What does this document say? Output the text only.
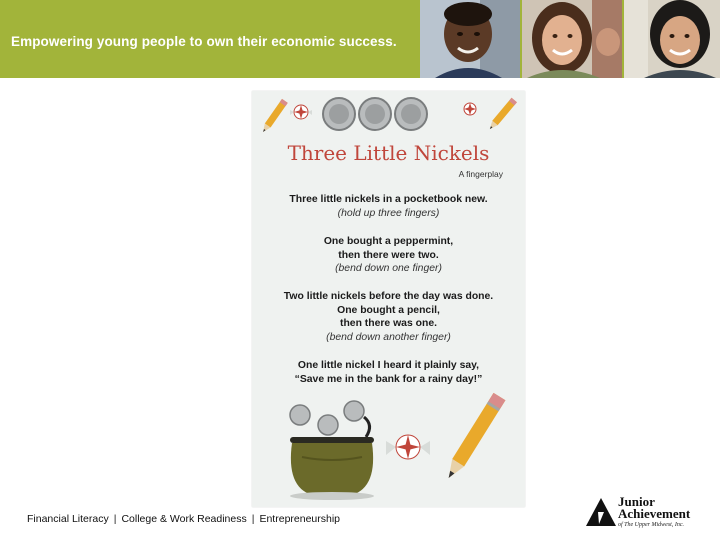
Empowering young people to own their economic success.
Three Little Nickels
A fingerplay
Three little nickels in a pocketbook new.
(hold up three fingers)
One bought a peppermint,
then there were two.
(bend down one finger)
Two little nickels before the day was done.
One bought a pencil,
then there was one.
(bend down another finger)
One little nickel I heard it plainly say,
“Save me in the bank for a rainy day!”
Financial Literacy | College & Work Readiness | Entrepreneurship
Junior
Achievement
of The Upper Midwest, Inc.
